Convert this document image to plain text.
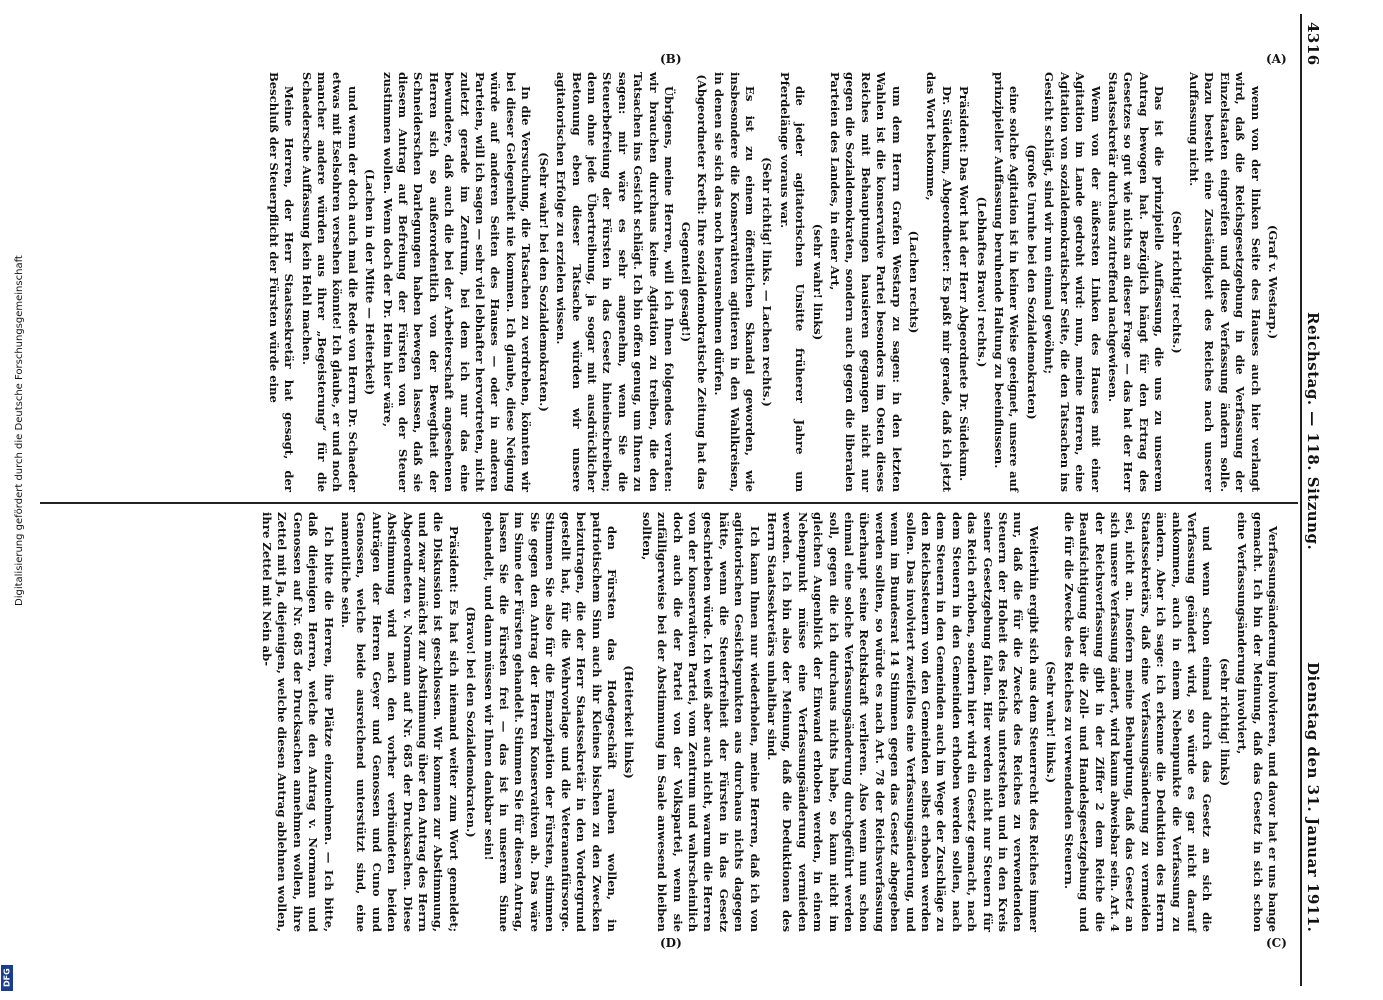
4316
Reichstag. — 118. Sitzung.
Dienstag den 31. Januar 1911.
(A)
(B)
(C)
(D)

(Graf v. Westarp.)

wenn von der linken Seite des Hauses auch hier verlangt wird, daß die Reichsgesetzgebung in die Verfassung der Einzelstaaten eingreifen und diese Verfassung ändern solle. Dazu besteht eine Zuständigkeit des Reiches nach unserer Auffassung nicht.

(Sehr richtig! rechts.)

Das ist die prinzipielle Auffassung, die uns zu unserem Antrag bewogen hat. Bezüglich hängt für den Ertrag des Gesetzes so gut wie nichts an dieser Frage — das hat der Herr Staatssekretär durchaus zutreffend nachgewiesen.

Wenn von der äußersten Linken des Hauses mit einer Agitation im Lande gedroht wird: nun, meine Herren, eine Agitation von sozialdemokratischer Seite, die den Tatsachen ins Gesicht schlägt, sind wir nun einmal gewöhnt;

(große Unruhe bei den Sozialdemokraten)

eine solche Agitation ist in keiner Weise geeignet, unsere auf prinzipieller Auffassung beruhende Haltung zu beeinflussen.

(Lebhaftes Bravo! rechts.)

Präsident: Das Wort hat der Herr Abgeordnete Dr. Südekum.

Dr. Südekum, Abgeordneter: Es paßt mir gerade, daß ich jetzt das Wort bekomme,

(Lachen rechts)

um dem Herrn Grafen Westarp zu sagen: in den letzten Wahlen ist die konservative Partei besonders im Osten dieses Reiches mit Behauptungen hausieren gegangen nicht nur gegen die Sozialdemokraten, sondern auch gegen die liberalen Parteien des Landes, in einer Art,

(sehr wahr! links)

die jeder agitatorischen Unsitte früherer Jahre um Pferdelänge voraus war.

(Sehr richtig! links. — Lachen rechts.)

Es ist zu einem öffentlichen Skandal geworden, wie insbesondere die Konservativen agitieren in den Wahlkreisen, in denen sie sich das noch herausnehmen dürfen.

(Abgeordneter Kreth: Ihre sozialdemokratische Zeitung hat das Gegenteil gesagt!)

Übrigens, meine Herren, will ich Ihnen folgendes verraten: wir brauchen durchaus keine Agitation zu treiben, die den Tatsachen ins Gesicht schlägt. Ich bin offen genug, um Ihnen zu sagen: mir wäre es sehr angenehm, wenn Sie die Steuerbefreiung der Fürsten in das Gesetz hineinschreiben; denn ohne jede Übertreibung, ja sogar mit ausdrücklicher Betonung eben dieser Tatsache würden wir unsere agitatorischen Erfolge zu erzielen wissen.

(Sehr wahr! bei den Sozialdemokraten.)

In die Versuchung, die Tatsachen zu verdrehen, könnten wir bei dieser Gelegenheit nie kommen. Ich glaube, diese Neigung würde auf anderen Seiten des Hauses — oder in anderen Parteien, will ich sagen — sehr viel lebhafter hervortreten, nicht zuletzt gerade im Zentrum, bei dem ich nur das eine bewundere, daß auch die bei der Arbeiterschaft angesehenen Herren sich so außerordentlich von der Bewegtheit der Schneiderschen Darlegungen haben bewegen lassen, daß sie diesem Antrag auf Befreiung der Fürsten von der Steuer zustimmen wollen. Wenn doch der Dr. Heim hier wäre,

(Lachen in der Mitte — Heiterkeit)

und wenn der doch auch mal die Rede von Herrn Dr. Schaeder etwas mit Eselsohren versehen könnte! Ich glaube, er und noch mancher andere würden aus ihrer „Begeisterung“ für die Schaedersche Auffassung kein Hehl machen.

Meine Herren, der Herr Staatssekretär hat gesagt, der Beschluß der Steuerpflicht der Fürsten würde eine

Verfassungsänderung involvieren, und davor hat er uns bange gemacht. Ich bin der Meinung, daß das Gesetz in sich schon eine Verfassungsänderung involviert,

(sehr richtig! links)

und wenn schon einmal durch das Gesetz an sich die Verfassung geändert wird, so würde es gar nicht darauf ankommen, auch in einem Nebenpunkte die Verfassung zu ändern. Aber ich sage: ich erkenne die Deduktion des Herrn Staatssekretärs, daß eine Verfassungsänderung zu vermeiden sei, nicht an. Insofern meine Behauptung, daß das Gesetz an sich unsere Verfassung ändert, wird kaum abweisbar sein. Art. 4 der Reichsverfassung gibt in der Ziffer 2 dem Reiche die Beaufsichtigung über die Zoll- und Handelsgesetzgebung und die für die Zwecke des Reiches zu verwendenden Steuern.

(Sehr wahr! links.)

Weiterhin ergibt sich aus dem Steuerrecht des Reiches immer nur, daß die für die Zwecke des Reiches zu verwendenden Steuern der Hoheit des Reichs unterstehen und in den Kreis seiner Gesetzgebung fallen. Hier werden nicht nur Steuern für das Reich erhoben, sondern hier wird ein Gesetz gemacht, nach dem Steuern in den Gemeinden erhoben werden sollen, nach dem Steuern in den Gemeinden auch im Wege der Zuschläge zu den Reichssteuern von den Gemeinden selbst erhoben werden sollen. Das involviert zweifellos eine Verfassungsänderung, und wenn im Bundesrat 14 Stimmen gegen das Gesetz abgegeben werden sollten, so würde es nach Art. 78 der Reichsverfassung überhaupt seine Rechtskraft verlieren. Also wenn nun schon einmal eine solche Verfassungsänderung durchgeführt werden soll, gegen die ich durchaus nichts habe, so kann nicht im gleichen Augenblick der Einwand erhoben werden, in einem Nebenpunkt müsse eine Verfassungsänderung vermieden werden. Ich bin also der Meinung, daß die Deduktionen des Herrn Staatssekretärs unhaltbar sind.

Ich kann Ihnen nur wiederholen, meine Herren, daß ich von agitatorischen Gesichtspunkten aus durchaus nichts dagegen hätte, wenn die Steuerfreiheit der Fürsten in das Gesetz geschrieben würde. Ich weiß aber auch nicht, warum die Herren von der konservativen Partei, vom Zentrum und wahrscheinlich doch auch die der Partei von der Volkspartei, wenn sie zufälligerweise bei der Abstimmung im Saale anwesend bleiben sollten,

(Heiterkeit links)

den Fürsten das Hodegeschäft rauben wollen, in patriotischem Sinn auch ihr Kleines bischen zu den Zwecken beizutragen, die der Herr Staatssekretär in den Vordergrund gestellt hat, für die Wehrvorlage und die Veteranenfürsorge. Stimmen Sie also für die Emanzipation der Fürsten, stimmen Sie gegen den Antrag der Herren Konservativen ab. Das wäre im Sinne der Fürsten gehandelt. Stimmen Sie für diesen Antrag, lassen Sie die Fürsten frei — das ist in unserem Sinne gehandelt, und dann müssen wir Ihnen dankbar sein!

(Bravo! bei den Sozialdemokraten.)

Präsident: Es hat sich niemand weiter zum Wort gemeldet; die Diskussion ist geschlossen. Wir kommen zur Abstimmung, und zwar zunächst zur Abstimmung über den Antrag des Herrn Abgeordneten v. Normann auf Nr. 685 der Drucksachen. Diese Abstimmung wird nach den vorher verbündeten beiden Anträgen der Herren Geyer und Genossen und Cuno und Genossen, welche beide ausreichend unterstützt sind, eine namentliche sein.

Ich bitte die Herren, ihre Plätze einzunehmen. — Ich bitte, daß diejenigen Herren, welche den Antrag v. Normann und Genossen auf Nr. 685 der Drucksachen annehmen wollen, ihre Zettel mit Ja, diejenigen, welche diesen Antrag ablehnen wollen, ihre Zettel mit Nein ab-

Digitalisierung gefördert durch die Deutsche Forschungsgemeinschaft
DFG
